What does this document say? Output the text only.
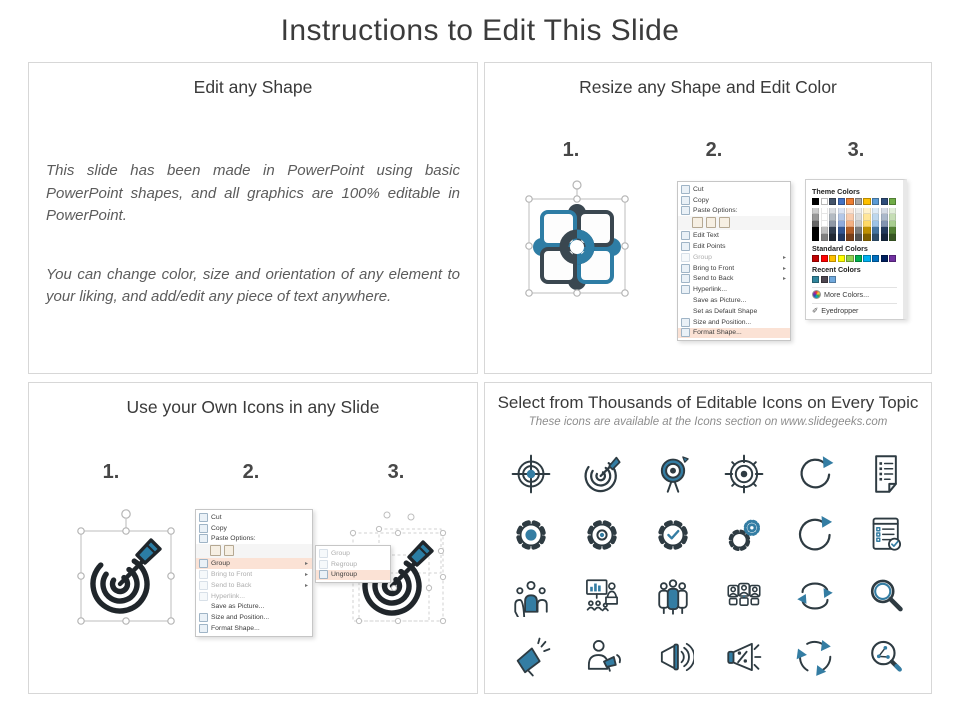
Instructions to Edit This Slide
Edit any Shape

This slide has been made in PowerPoint using basic PowerPoint shapes, and all graphics are 100% editable in PowerPoint.

You can change color, size and orientation of any element to your liking, and add/edit any piece of text anywhere.

Resize any Shape and Edit Color
1.	2.	3.
Cut
Copy
Paste Options:
Edit Text
Edit Points
Group	▸
Bring to Front	▸
Send to Back	▸
Hyperlink...
Save as Picture...
Set as Default Shape
Size and Position...
Format Shape...
Theme Colors
Standard Colors
Recent Colors
More Colors...
✐ Eyedropper
Use your Own Icons in any Slide
1.	2.	3.
Cut
Copy
Paste Options:
Group	▸
Bring to Front	▸
Send to Back	▸
Hyperlink...
Save as Picture...
Size and Position...
Format Shape...
Group
Regroup
Ungroup
Select from Thousands of Editable Icons on Every Topic

These icons are available at the Icons section on www.slidegeeks.com
